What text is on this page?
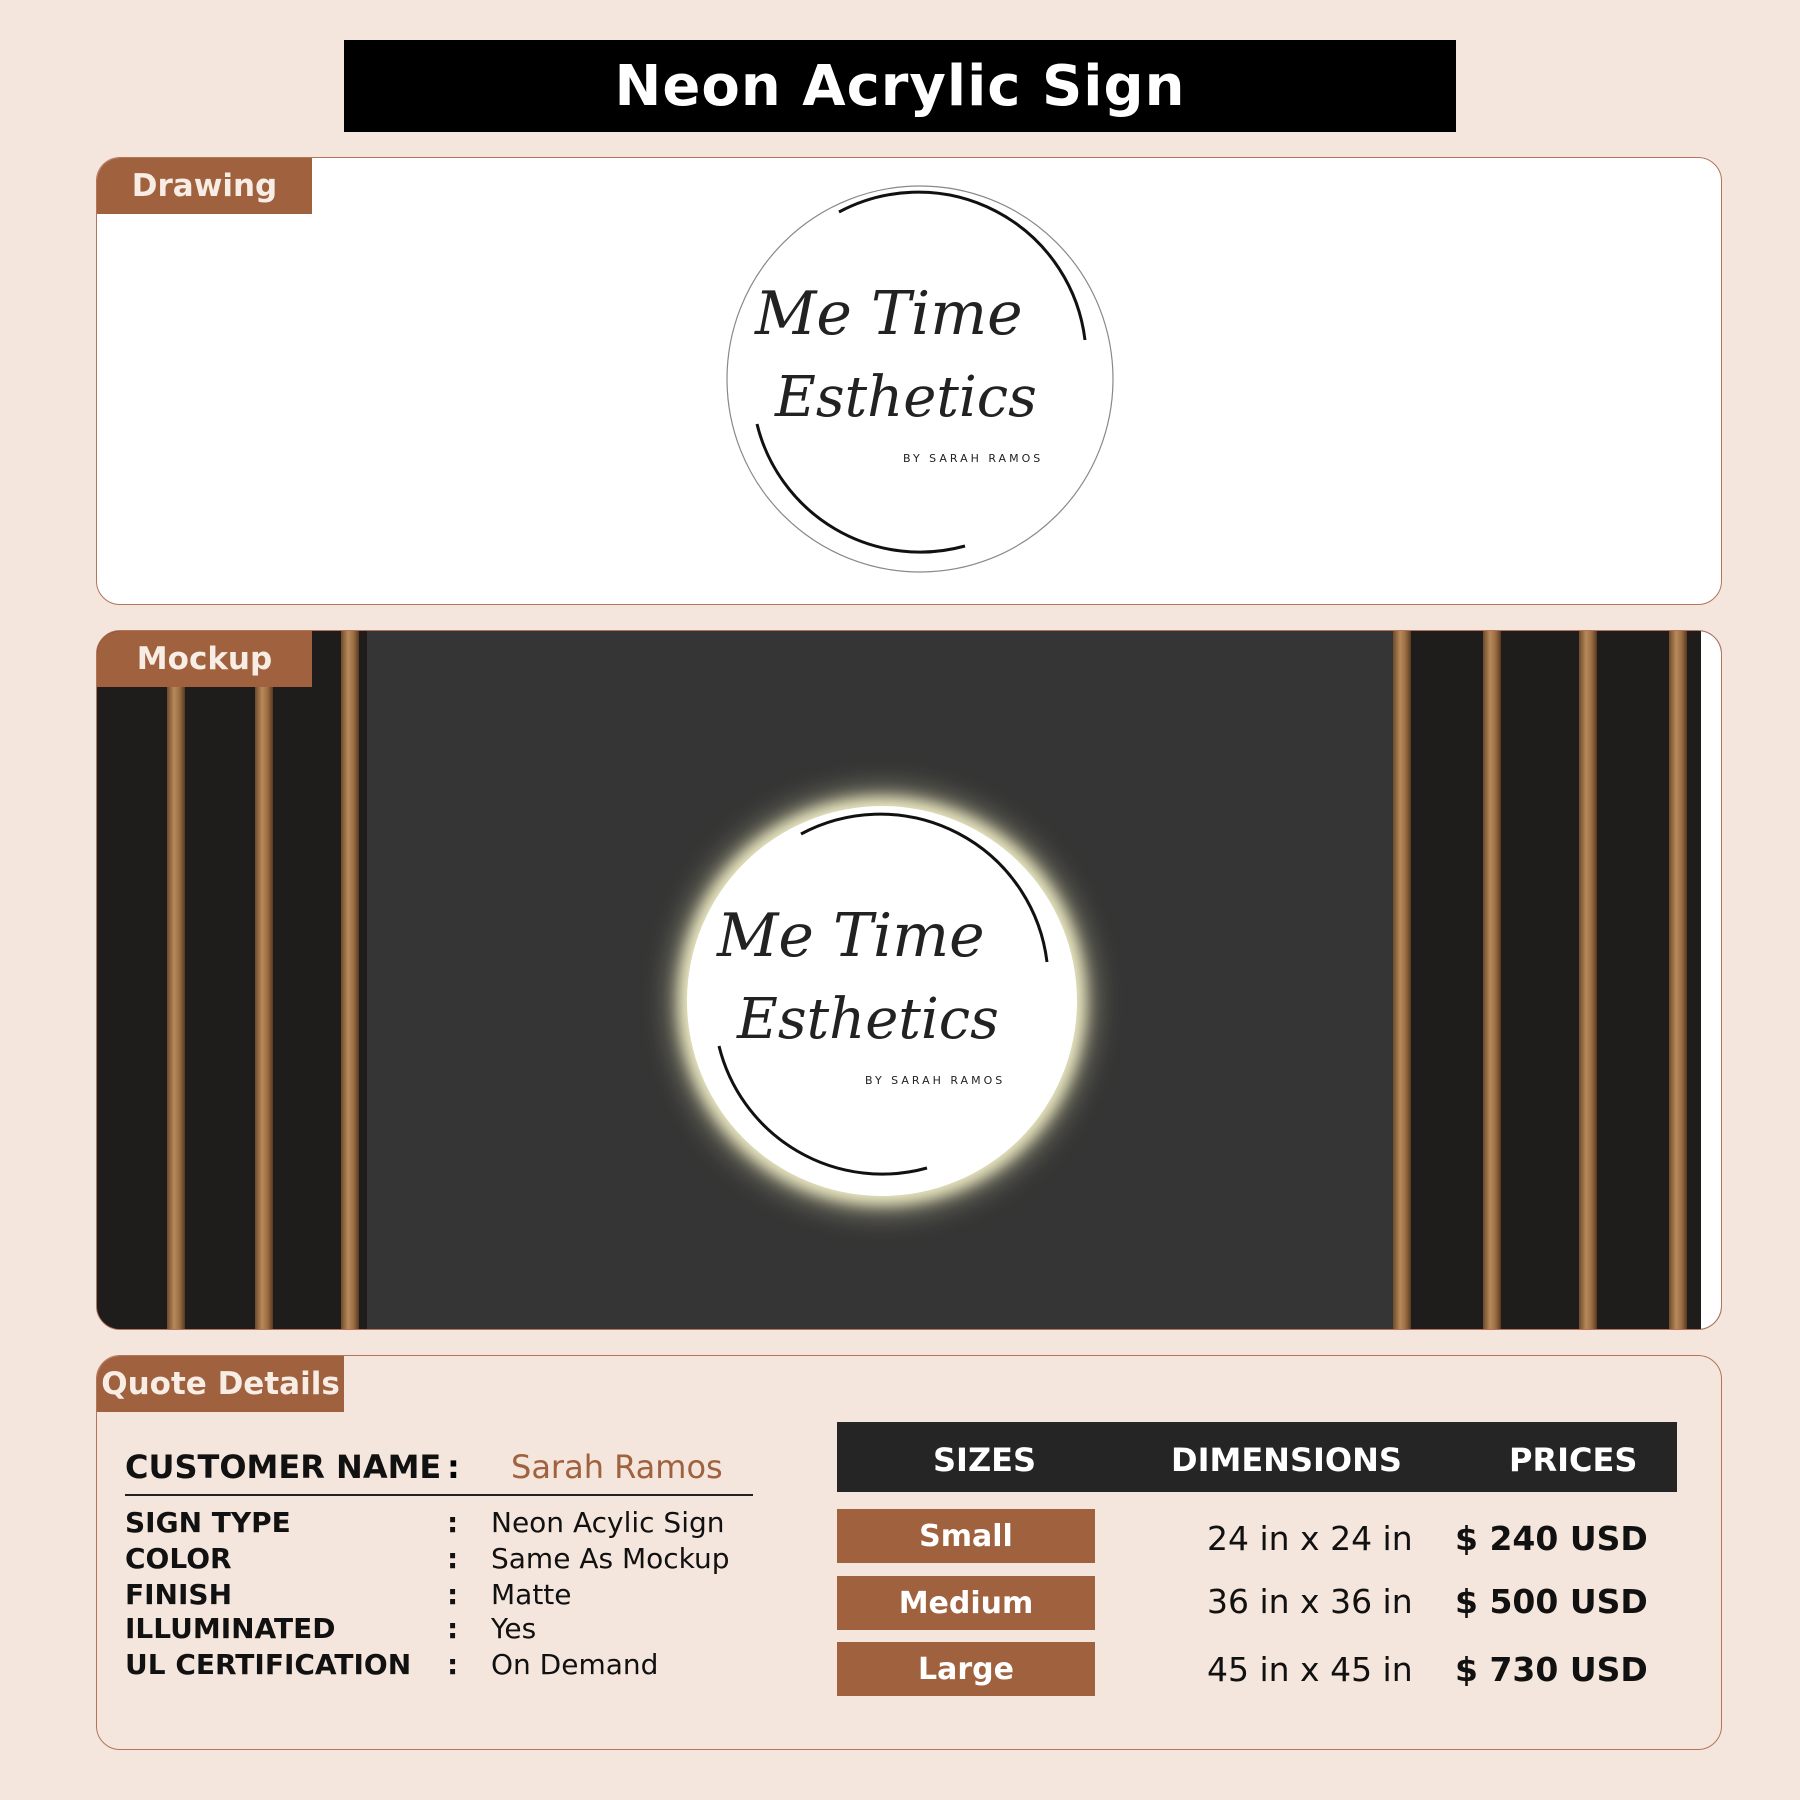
Neon Acrylic Sign
Drawing
Me Time
Esthetics
BY SARAH RAMOS
Mockup
Me Time
Esthetics
BY SARAH RAMOS
Quote Details
CUSTOMER NAME : Sarah Ramos
SIGN TYPE	: Neon Acylic Sign
COLOR	: Same As Mockup
FINISH	: Matte
ILLUMINATED	: Yes
UL CERTIFICATION : On Demand
SIZES	DIMENSIONS	PRICES
Small	24 in x 24 in $ 240 USD
Medium	36 in x 36 in $ 500 USD
Large	45 in x 45 in $ 730 USD
